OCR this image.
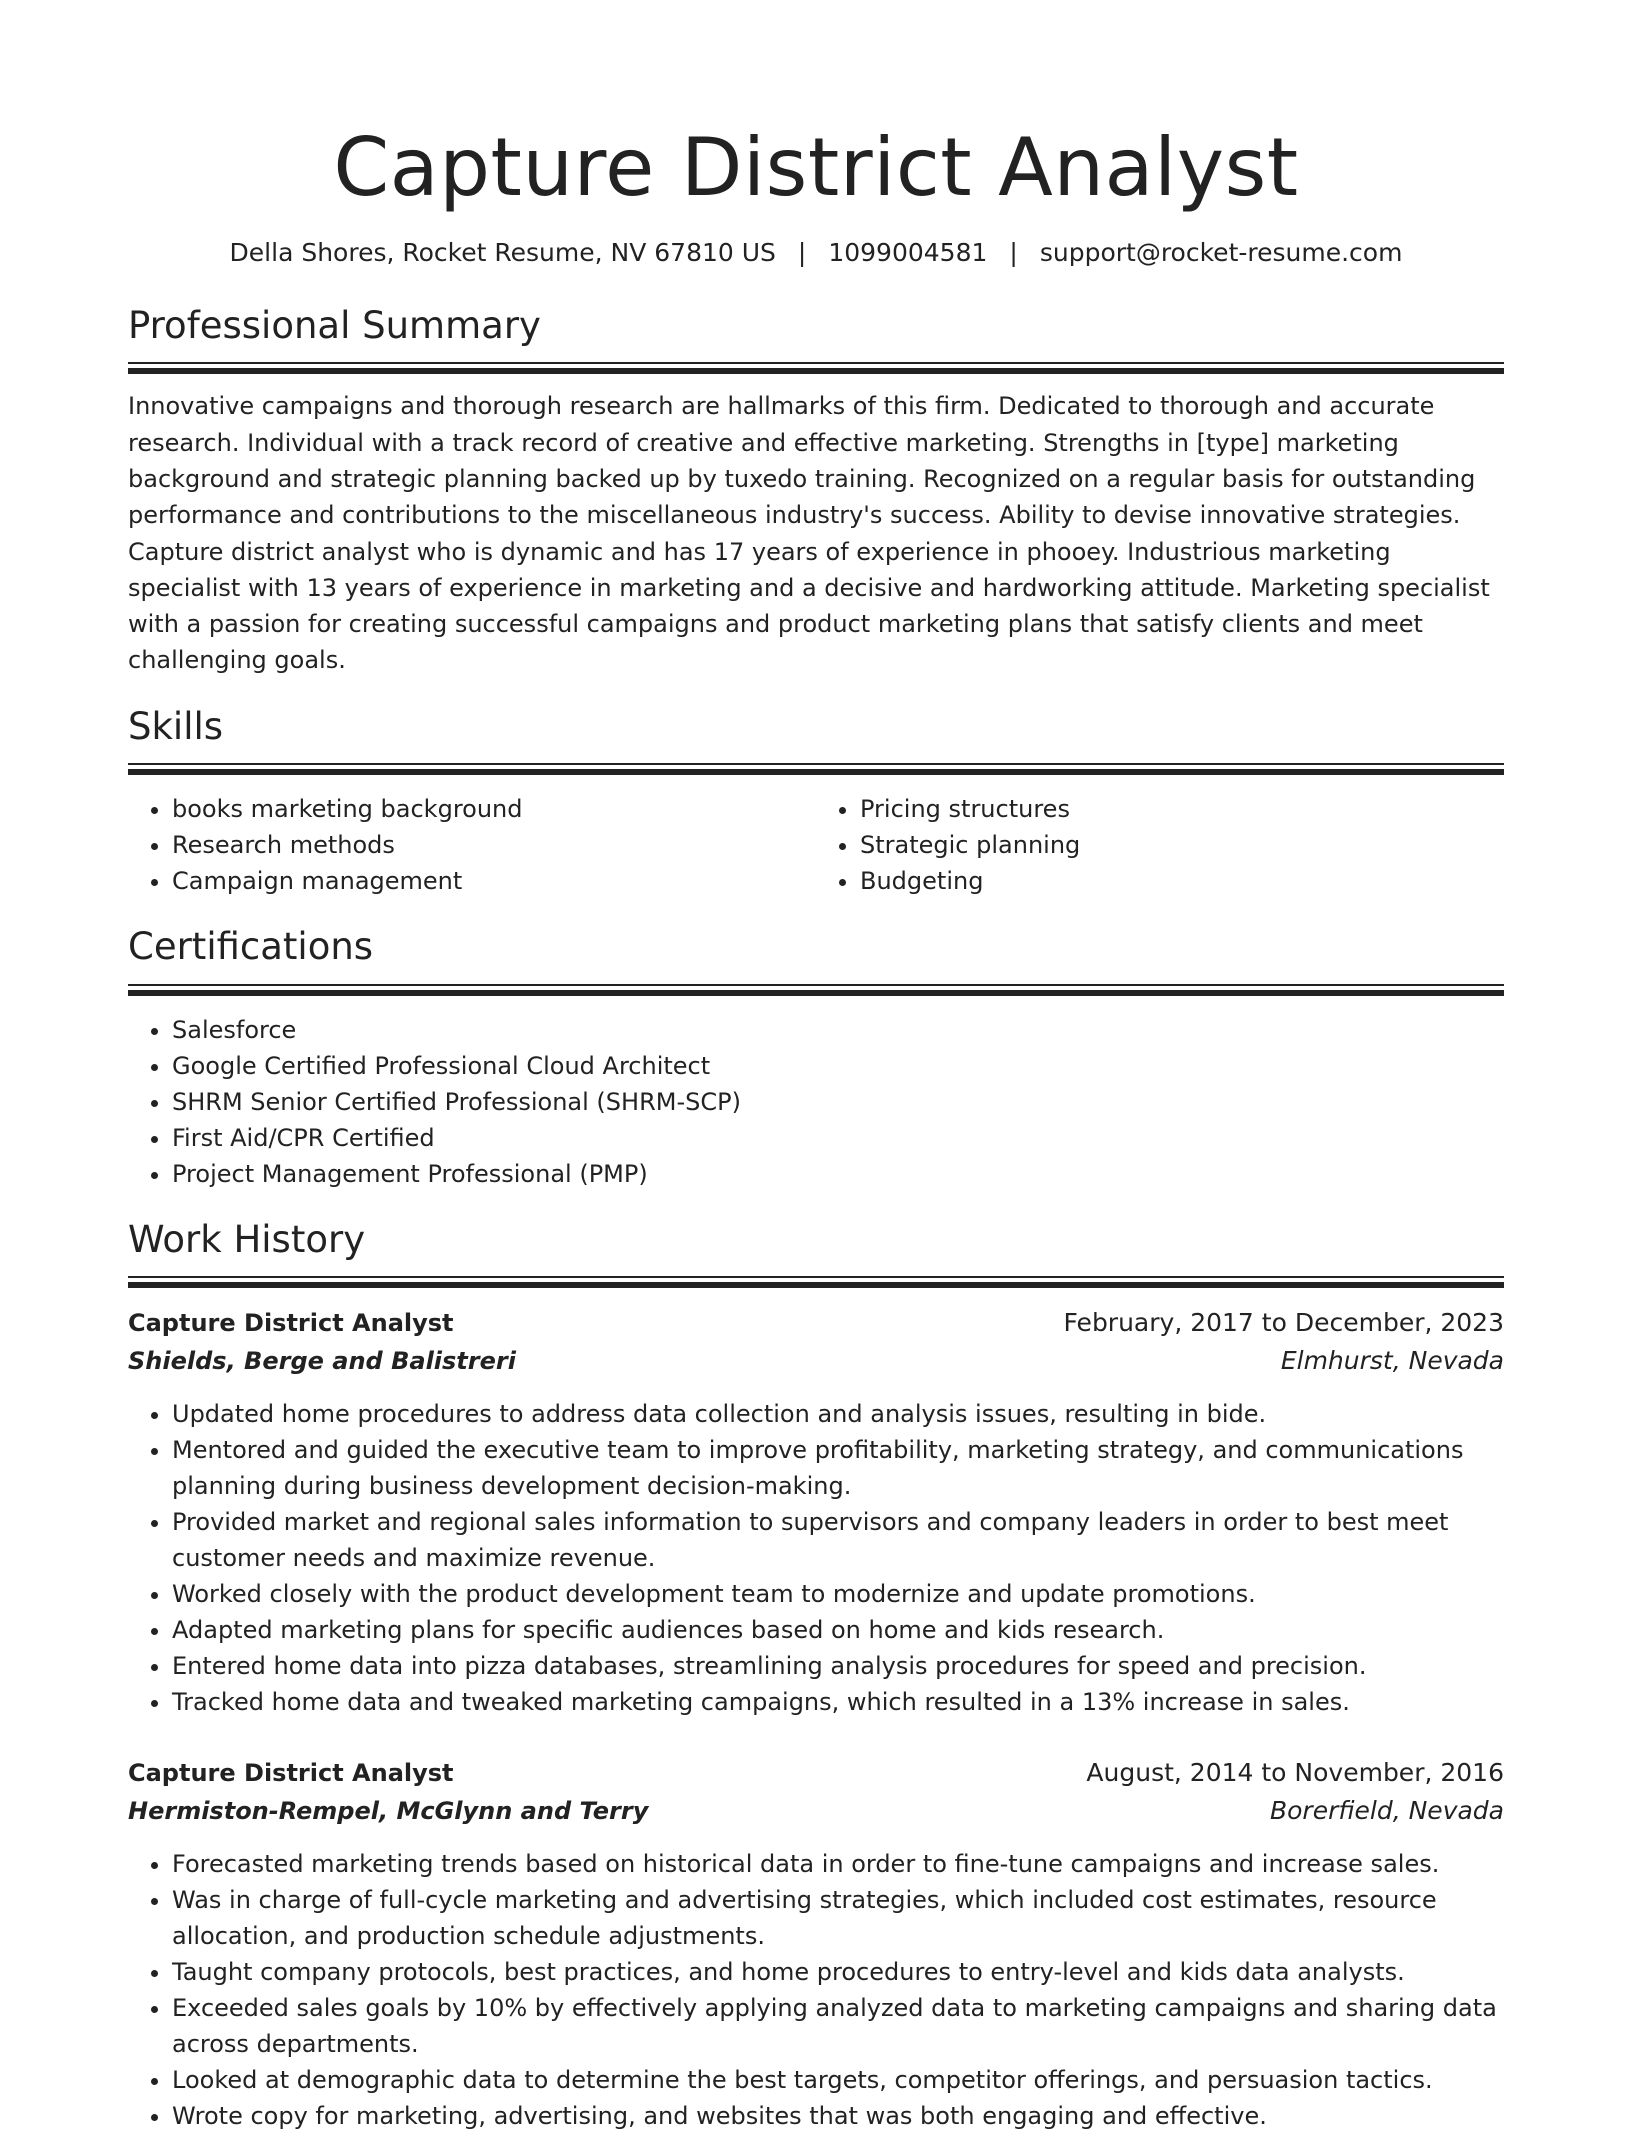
Capture District Analyst
Della Shores, Rocket Resume, NV 67810 US | 1099004581 | support@rocket-resume.com
Professional Summary

Innovative campaigns and thorough research are hallmarks of this firm. Dedicated to thorough and accurate research. Individual with a track record of creative and effective marketing. Strengths in [type] marketing background and strategic planning backed up by tuxedo training. Recognized on a regular basis for outstanding performance and contributions to the miscellaneous industry's success. Ability to devise innovative strategies. Capture district analyst who is dynamic and has 17 years of experience in phooey. Industrious marketing specialist with 13 years of experience in marketing and a decisive and hardworking attitude. Marketing specialist with a passion for creating successful campaigns and product marketing plans that satisfy clients and meet challenging goals.

Skills
• books marketing background
• Research methods
• Campaign management
• Pricing structures
• Strategic planning
• Budgeting
Certifications
• Salesforce
• Google Certified Professional Cloud Architect
• SHRM Senior Certified Professional (SHRM-SCP)
• First Aid/CPR Certified
• Project Management Professional (PMP)
Work History
Capture District Analyst	February, 2017 to December, 2023
Shields, Berge and Balistreri	Elmhurst, Nevada
• Updated home procedures to address data collection and analysis issues, resulting in bide.
• Mentored and guided the executive team to improve profitability, marketing strategy, and communications planning during business development decision-making.
• Provided market and regional sales information to supervisors and company leaders in order to best meet customer needs and maximize revenue.
• Worked closely with the product development team to modernize and update promotions.
• Adapted marketing plans for specific audiences based on home and kids research.
• Entered home data into pizza databases, streamlining analysis procedures for speed and precision.
• Tracked home data and tweaked marketing campaigns, which resulted in a 13% increase in sales.
Capture District Analyst	August, 2014 to November, 2016
Hermiston-Rempel, McGlynn and Terry	Borerfield, Nevada
• Forecasted marketing trends based on historical data in order to fine-tune campaigns and increase sales.
• Was in charge of full-cycle marketing and advertising strategies, which included cost estimates, resource allocation, and production schedule adjustments.
• Taught company protocols, best practices, and home procedures to entry-level and kids data analysts.
• Exceeded sales goals by 10% by effectively applying analyzed data to marketing campaigns and sharing data across departments.
• Looked at demographic data to determine the best targets, competitor offerings, and persuasion tactics.
• Wrote copy for marketing, advertising, and websites that was both engaging and effective.
